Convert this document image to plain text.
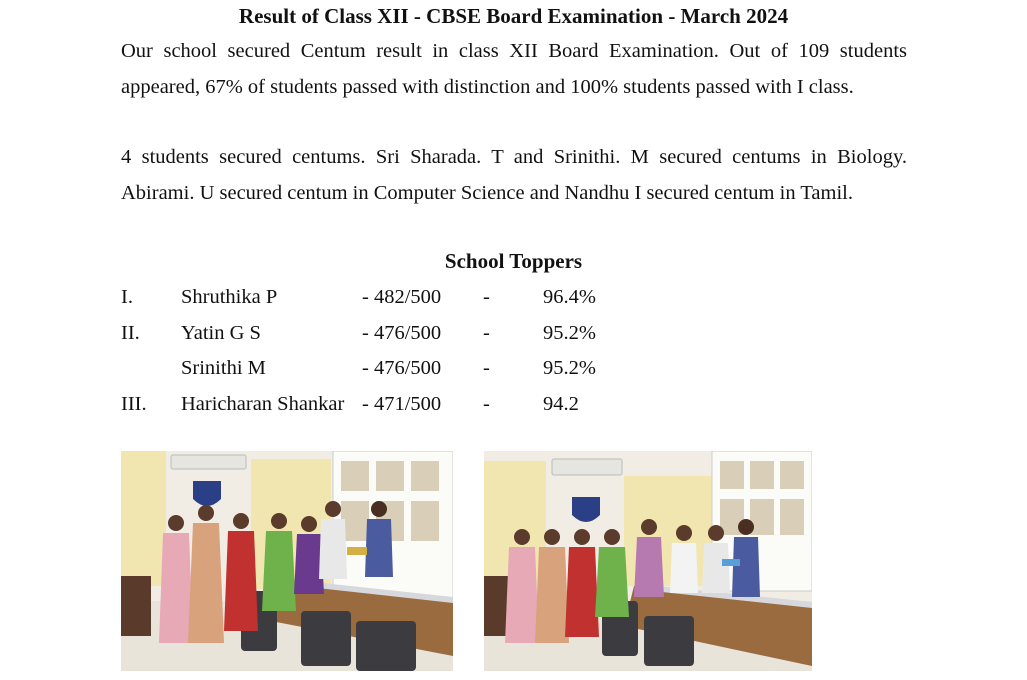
Result of Class XII - CBSE Board Examination - March 2024

Our school secured Centum result in class XII Board Examination. Out of 109 students appeared, 67% of students passed with distinction and 100% students passed with I class.

4 students secured centums. Sri Sharada. T and Srinithi. M secured centums in Biology. Abirami. U secured centum in Computer Science and Nandhu I secured centum in Tamil.

School Toppers
I. Shruthika P	- 482/500 -	96.4%
II. Yatin G S	- 476/500 -	95.2%
Srinithi M	- 476/500 -	95.2%
III. Haricharan Shankar - 471/500 -	94.2
